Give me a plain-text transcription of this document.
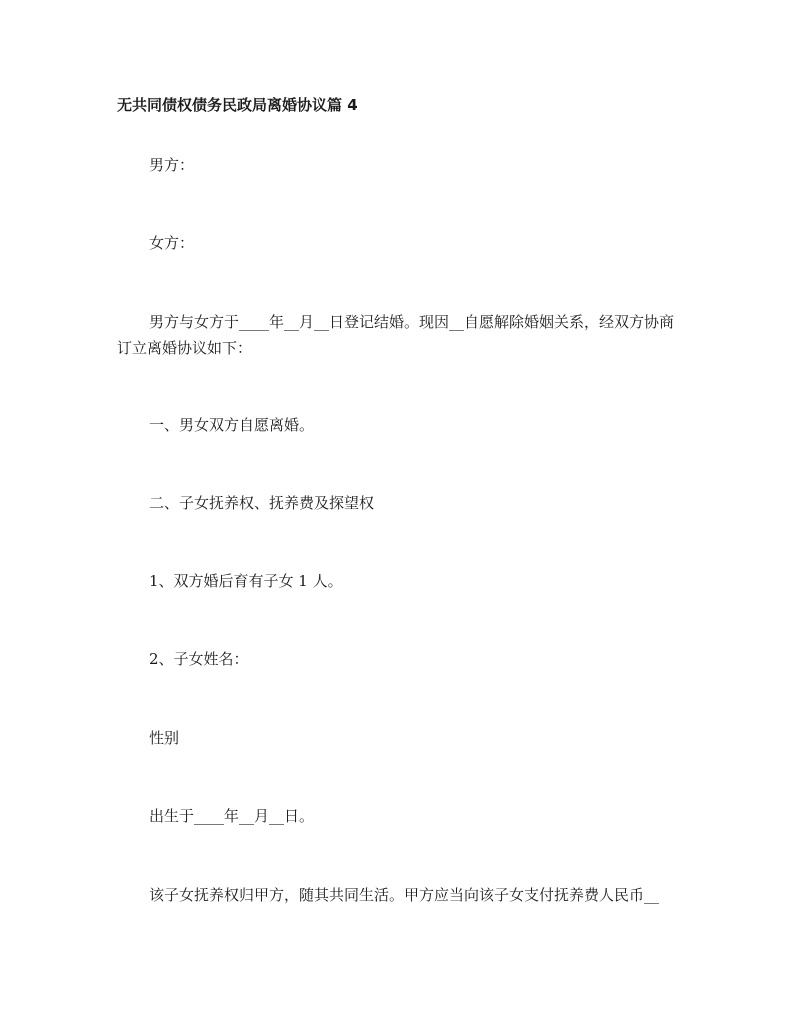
无共同债权债务民政局离婚协议篇 4
男方：
女方：
男方与女方于____年__月__日登记结婚。现因__自愿解除婚姻关系，经双方协商订立离婚协议如下：
一、男女双方自愿离婚。
二、子女抚养权、抚养费及探望权
1、双方婚后育有子女 1 人。
2、子女姓名：
性别
出生于____年__月__日。
该子女抚养权归甲方，随其共同生活。甲方应当向该子女支付抚养费人民币__
